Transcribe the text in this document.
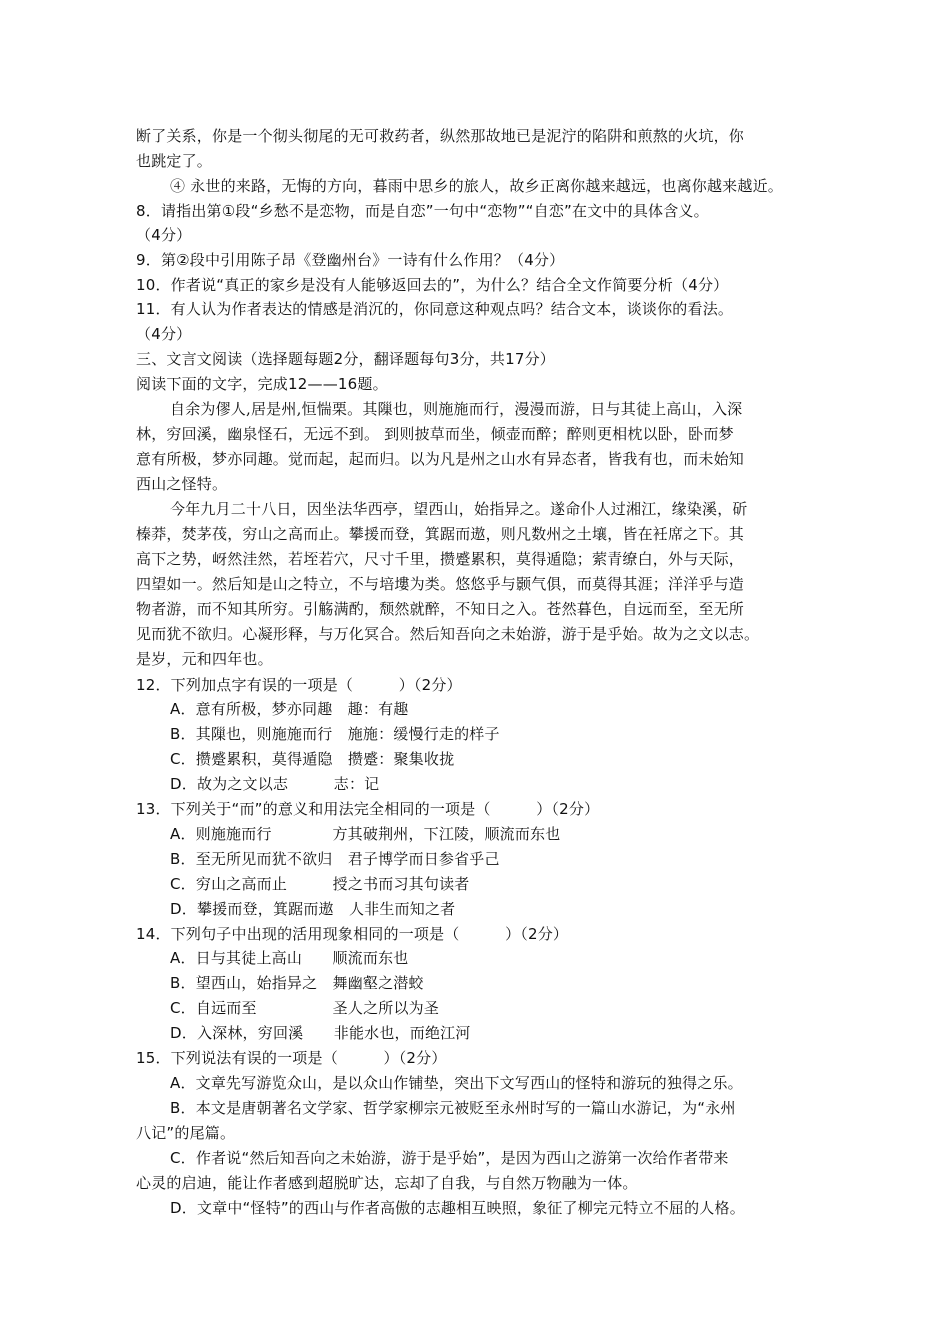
断了关系，你是一个彻头彻尾的无可救药者，纵然那故地已是泥泞的陷阱和煎熬的火坑，你
也跳定了。
④ 永世的来路，无悔的方向，暮雨中思乡的旅人，故乡正离你越来越远，也离你越来越近。
8．请指出第①段“乡愁不是恋物，而是自恋”一句中“恋物”“自恋”在文中的具体含义。
（4分）
9．第②段中引用陈子昂《登幽州台》一诗有什么作用？（4分）
10．作者说“真正的家乡是没有人能够返回去的”，为什么？结合全文作简要分析（4分）
11．有人认为作者表达的情感是消沉的，你同意这种观点吗？结合文本，谈谈你的看法。
（4分）
三、文言文阅读（选择题每题2分，翻译题每句3分，共17分）
阅读下面的文字，完成12——16题。
自余为僇人,居是州,恒惴栗。其隟也，则施施而行，漫漫而游，日与其徒上高山，入深
林，穷回溪，幽泉怪石，无远不到。 到则披草而坐，倾壶而醉；醉则更相枕以卧，卧而梦
意有所极，梦亦同趣。觉而起，起而归。以为凡是州之山水有异态者，皆我有也，而未始知
西山之怪特。
今年九月二十八日，因坐法华西亭，望西山，始指异之。遂命仆人过湘江，缘染溪，斫
榛莽，焚茅茷，穷山之高而止。攀援而登，箕踞而遨，则凡数州之土壤，皆在衽席之下。其
高下之势，岈然洼然，若垤若穴，尺寸千里，攒蹙累积，莫得遁隐；萦青缭白，外与天际，
四望如一。然后知是山之特立，不与培塿为类。悠悠乎与颢气俱，而莫得其涯；洋洋乎与造
物者游，而不知其所穷。引觞满酌，颓然就醉，不知日之入。苍然暮色，自远而至，至无所
见而犹不欲归。心凝形释，与万化冥合。然后知吾向之未始游，游于是乎始。故为之文以志。
是岁，元和四年也。
12．下列加点字有误的一项是（　　　）（2分）
A．意有所极，梦亦同趣　趣：有趣
B．其隟也，则施施而行　施施：缓慢行走的样子
C．攒蹙累积，莫得遁隐　攒蹙：聚集收拢
D．故为之文以志　　　志：记
13．下列关于“而”的意义和用法完全相同的一项是（　　　）（2分）
A．则施施而行　　　　方其破荆州，下江陵，顺流而东也
B．至无所见而犹不欲归　君子博学而日参省乎己
C．穷山之高而止　　　授之书而习其句读者
D．攀援而登，箕踞而遨　人非生而知之者
14．下列句子中出现的活用现象相同的一项是（　　　）（2分）
A．日与其徒上高山　　顺流而东也
B．望西山，始指异之　舞幽壑之潜蛟
C．自远而至　　　　　圣人之所以为圣
D．入深林，穷回溪　　非能水也，而绝江河
15．下列说法有误的一项是（　　　）（2分）
A．文章先写游览众山，是以众山作铺垫，突出下文写西山的怪特和游玩的独得之乐。
B．本文是唐朝著名文学家、哲学家柳宗元被贬至永州时写的一篇山水游记，为“永州
八记”的尾篇。
C．作者说“然后知吾向之未始游，游于是乎始”，是因为西山之游第一次给作者带来
心灵的启迪，能让作者感到超脱旷达，忘却了自我，与自然万物融为一体。
D．文章中“怪特”的西山与作者高傲的志趣相互映照，象征了柳完元特立不屈的人格。
